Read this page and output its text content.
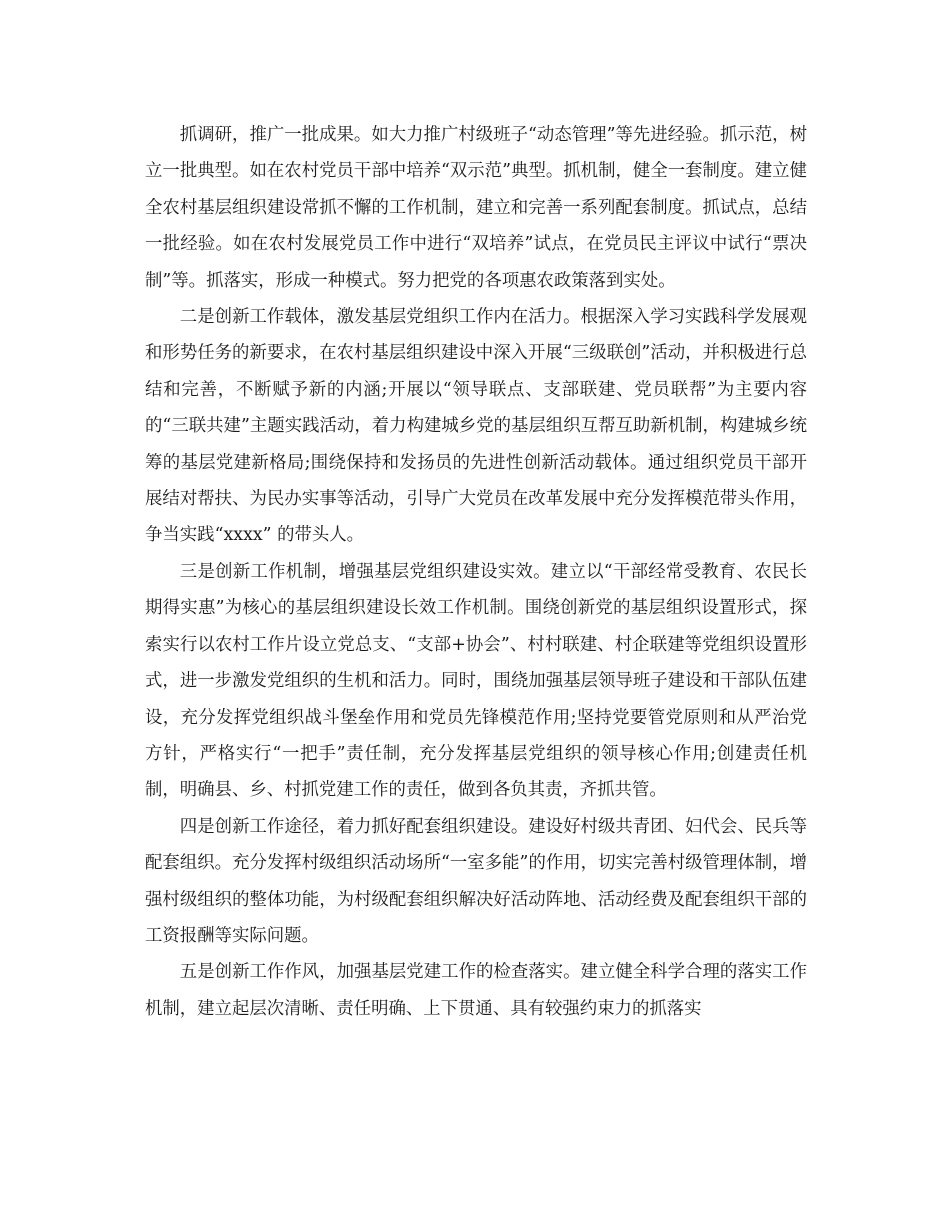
抓调研，推广一批成果。如大力推广村级班子“动态管理”等先进经验。抓示范，树立一批典型。如在农村党员干部中培养“双示范”典型。抓机制，健全一套制度。建立健全农村基层组织建设常抓不懈的工作机制，建立和完善一系列配套制度。抓试点，总结一批经验。如在农村发展党员工作中进行“双培养”试点，在党员民主评议中试行“票决制”等。抓落实，形成一种模式。努力把党的各项惠农政策落到实处。

二是创新工作载体，激发基层党组织工作内在活力。根据深入学习实践科学发展观和形势任务的新要求，在农村基层组织建设中深入开展“三级联创”活动，并积极进行总结和完善，不断赋予新的内涵;开展以“领导联点、支部联建、党员联帮”为主要内容的“三联共建”主题实践活动，着力构建城乡党的基层组织互帮互助新机制，构建城乡统筹的基层党建新格局;围绕保持和发扬员的先进性创新活动载体。通过组织党员干部开展结对帮扶、为民办实事等活动，引导广大党员在改革发展中充分发挥模范带头作用，争当实践“xxxx” 的带头人。

三是创新工作机制，增强基层党组织建设实效。建立以“干部经常受教育、农民长期得实惠”为核心的基层组织建设长效工作机制。围绕创新党的基层组织设置形式，探索实行以农村工作片设立党总支、“支部+协会”、村村联建、村企联建等党组织设置形式，进一步激发党组织的生机和活力。同时，围绕加强基层领导班子建设和干部队伍建设，充分发挥党组织战斗堡垒作用和党员先锋模范作用;坚持党要管党原则和从严治党方针，严格实行“一把手”责任制，充分发挥基层党组织的领导核心作用;创建责任机制，明确县、乡、村抓党建工作的责任，做到各负其责，齐抓共管。

四是创新工作途径，着力抓好配套组织建设。建设好村级共青团、妇代会、民兵等配套组织。充分发挥村级组织活动场所“一室多能”的作用，切实完善村级管理体制，增强村级组织的整体功能，为村级配套组织解决好活动阵地、活动经费及配套组织干部的工资报酬等实际问题。

五是创新工作作风，加强基层党建工作的检查落实。建立健全科学合理的落实工作机制，建立起层次清晰、责任明确、上下贯通、具有较强约束力的抓落实
